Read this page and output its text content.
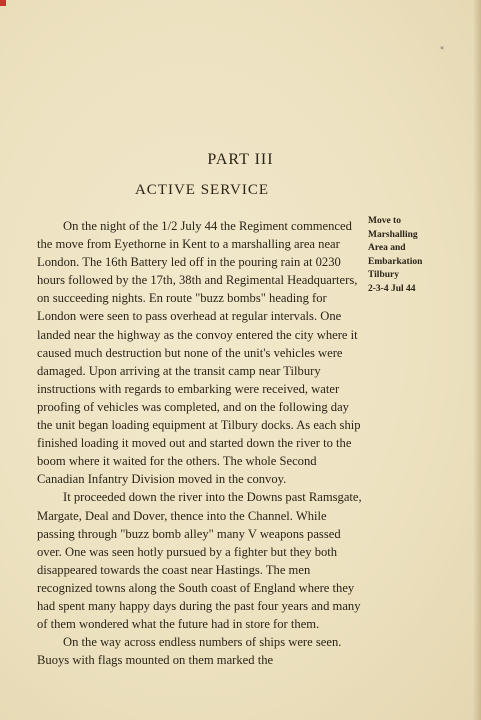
«
PART III
ACTIVE SERVICE

On the night of the 1/2 July 44 the Regiment commenced the move from Eyethorne in Kent to a marshalling area near London. The 16th Battery led off in the pouring rain at 0230 hours followed by the 17th, 38th and Regimental Headquarters, on succeeding nights. En route "buzz bombs" heading for London were seen to pass overhead at regular intervals. One landed near the highway as the convoy entered the city where it caused much destruction but none of the unit's vehicles were damaged. Upon arriving at the transit camp near Tilbury instructions with regards to embarking were received, water proofing of vehicles was completed, and on the following day the unit began loading equipment at Tilbury docks. As each ship finished loading it moved out and started down the river to the boom where it waited for the others. The whole Second Canadian Infantry Division moved in the convoy.

It proceeded down the river into the Downs past Ramsgate, Margate, Deal and Dover, thence into the Channel. While passing through "buzz bomb alley" many V weapons passed over. One was seen hotly pursued by a fighter but they both disappeared towards the coast near Hastings. The men recognized towns along the South coast of England where they had spent many happy days during the past four years and many of them wondered what the future had in store for them.

On the way across endless numbers of ships were seen. Buoys with flags mounted on them marked the

Move to
Marshalling
Area and
Embarkation
Tilbury
2-3-4 Jul 44
